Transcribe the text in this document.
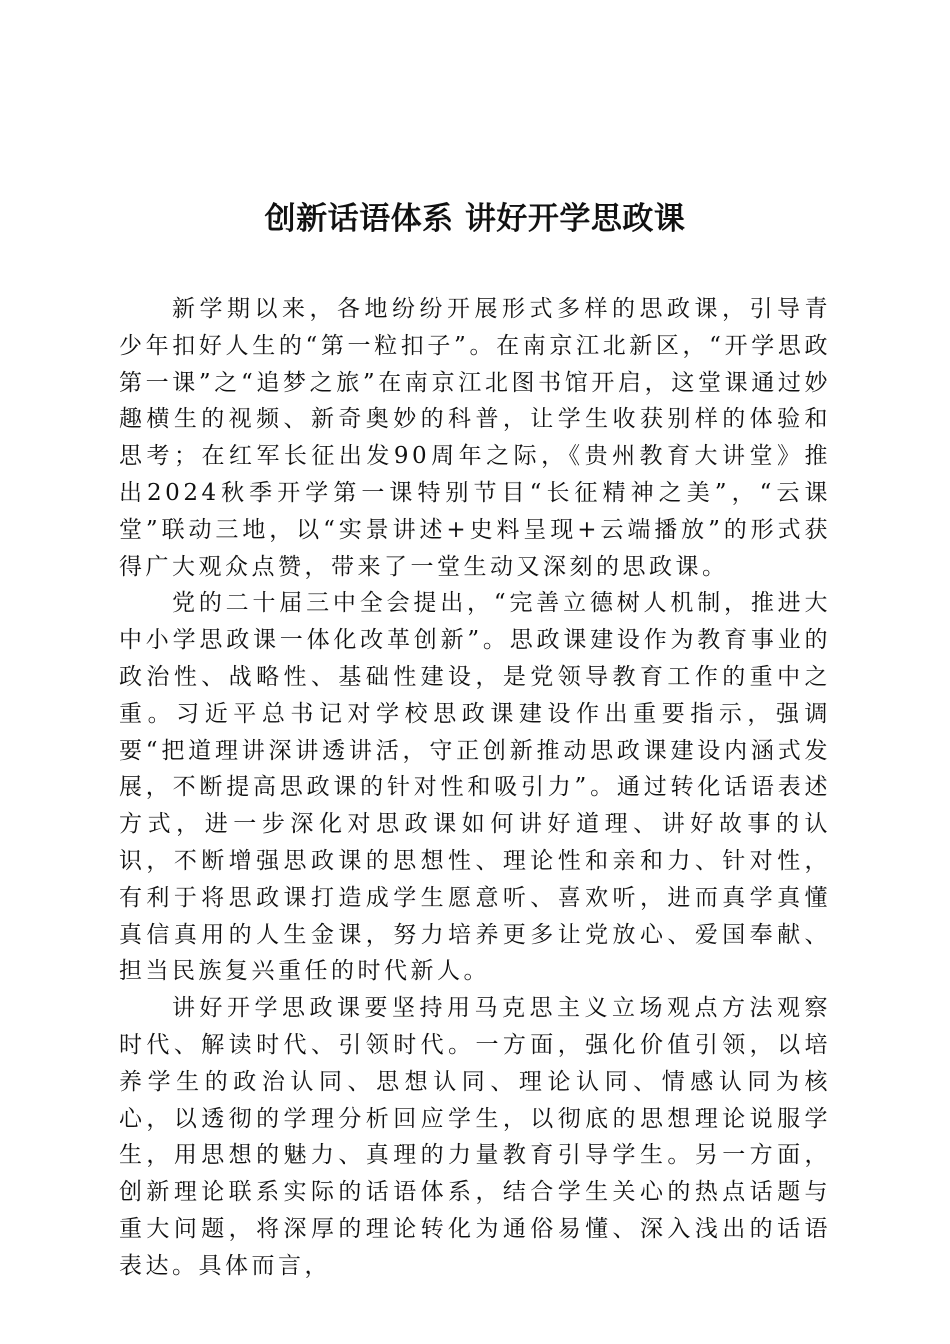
创新话语体系 讲好开学思政课

新学期以来，各地纷纷开展形式多样的思政课，引导青少年扣好人生的“第一粒扣子”。在南京江北新区，“开学思政第一课”之“追梦之旅”在南京江北图书馆开启，这堂课通过妙趣横生的视频、新奇奥妙的科普，让学生收获别样的体验和思考；在红军长征出发90周年之际，《贵州教育大讲堂》推出2024秋季开学第一课特别节目“长征精神之美”，“云课堂”联动三地，以“实景讲述+史料呈现+云端播放”的形式获得广大观众点赞，带来了一堂生动又深刻的思政课。

党的二十届三中全会提出，“完善立德树人机制，推进大中小学思政课一体化改革创新”。思政课建设作为教育事业的政治性、战略性、基础性建设，是党领导教育工作的重中之重。习近平总书记对学校思政课建设作出重要指示，强调要“把道理讲深讲透讲活，守正创新推动思政课建设内涵式发展，不断提高思政课的针对性和吸引力”。通过转化话语表述方式，进一步深化对思政课如何讲好道理、讲好故事的认识，不断增强思政课的思想性、理论性和亲和力、针对性，有利于将思政课打造成学生愿意听、喜欢听，进而真学真懂真信真用的人生金课，努力培养更多让党放心、爱国奉献、担当民族复兴重任的时代新人。

讲好开学思政课要坚持用马克思主义立场观点方法观察时代、解读时代、引领时代。一方面，强化价值引领，以培养学生的政治认同、思想认同、理论认同、情感认同为核心，以透彻的学理分析回应学生，以彻底的思想理论说服学生，用思想的魅力、真理的力量教育引导学生。另一方面，创新理论联系实际的话语体系，结合学生关心的热点话题与重大问题，将深厚的理论转化为通俗易懂、深入浅出的话语表达。具体而言，
